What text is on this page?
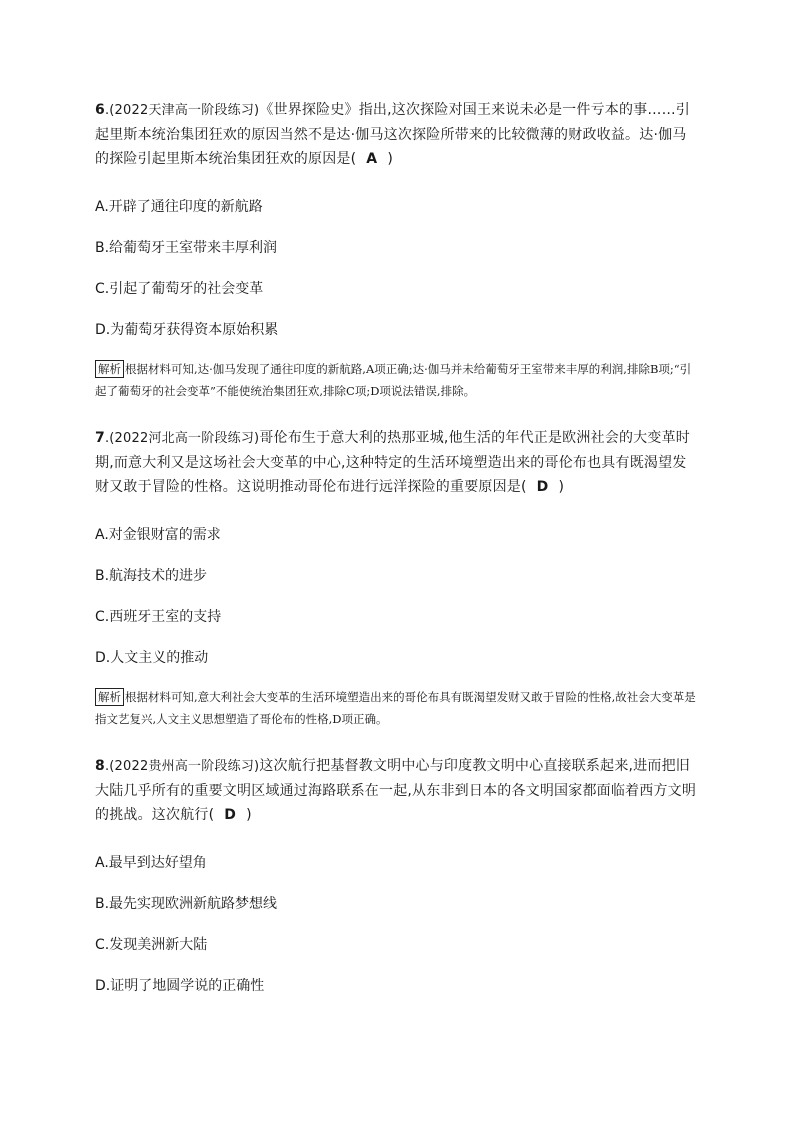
6.(2022天津高一阶段练习)《世界探险史》指出,这次探险对国王来说未必是一件亏本的事……引起里斯本统治集团狂欢的原因当然不是达·伽马这次探险所带来的比较微薄的财政收益。达·伽马的探险引起里斯本统治集团狂欢的原因是( A )
A.开辟了通往印度的新航路
B.给葡萄牙王室带来丰厚利润
C.引起了葡萄牙的社会变革
D.为葡萄牙获得资本原始积累
解析 根据材料可知,达·伽马发现了通往印度的新航路,A项正确;达·伽马并未给葡萄牙王室带来丰厚的利润,排除B项;“引起了葡萄牙的社会变革”不能使统治集团狂欢,排除C项;D项说法错误,排除。
7.(2022河北高一阶段练习)哥伦布生于意大利的热那亚城,他生活的年代正是欧洲社会的大变革时期,而意大利又是这场社会大变革的中心,这种特定的生活环境塑造出来的哥伦布也具有既渴望发财又敢于冒险的性格。这说明推动哥伦布进行远洋探险的重要原因是( D )
A.对金银财富的需求
B.航海技术的进步
C.西班牙王室的支持
D.人文主义的推动
解析 根据材料可知,意大利社会大变革的生活环境塑造出来的哥伦布具有既渴望发财又敢于冒险的性格,故社会大变革是指文艺复兴,人文主义思想塑造了哥伦布的性格,D项正确。
8.(2022贵州高一阶段练习)这次航行把基督教文明中心与印度教文明中心直接联系起来,进而把旧大陆几乎所有的重要文明区域通过海路联系在一起,从东非到日本的各文明国家都面临着西方文明的挑战。这次航行( D )
A.最早到达好望角
B.最先实现欧洲新航路梦想线
C.发现美洲新大陆
D.证明了地圆学说的正确性
